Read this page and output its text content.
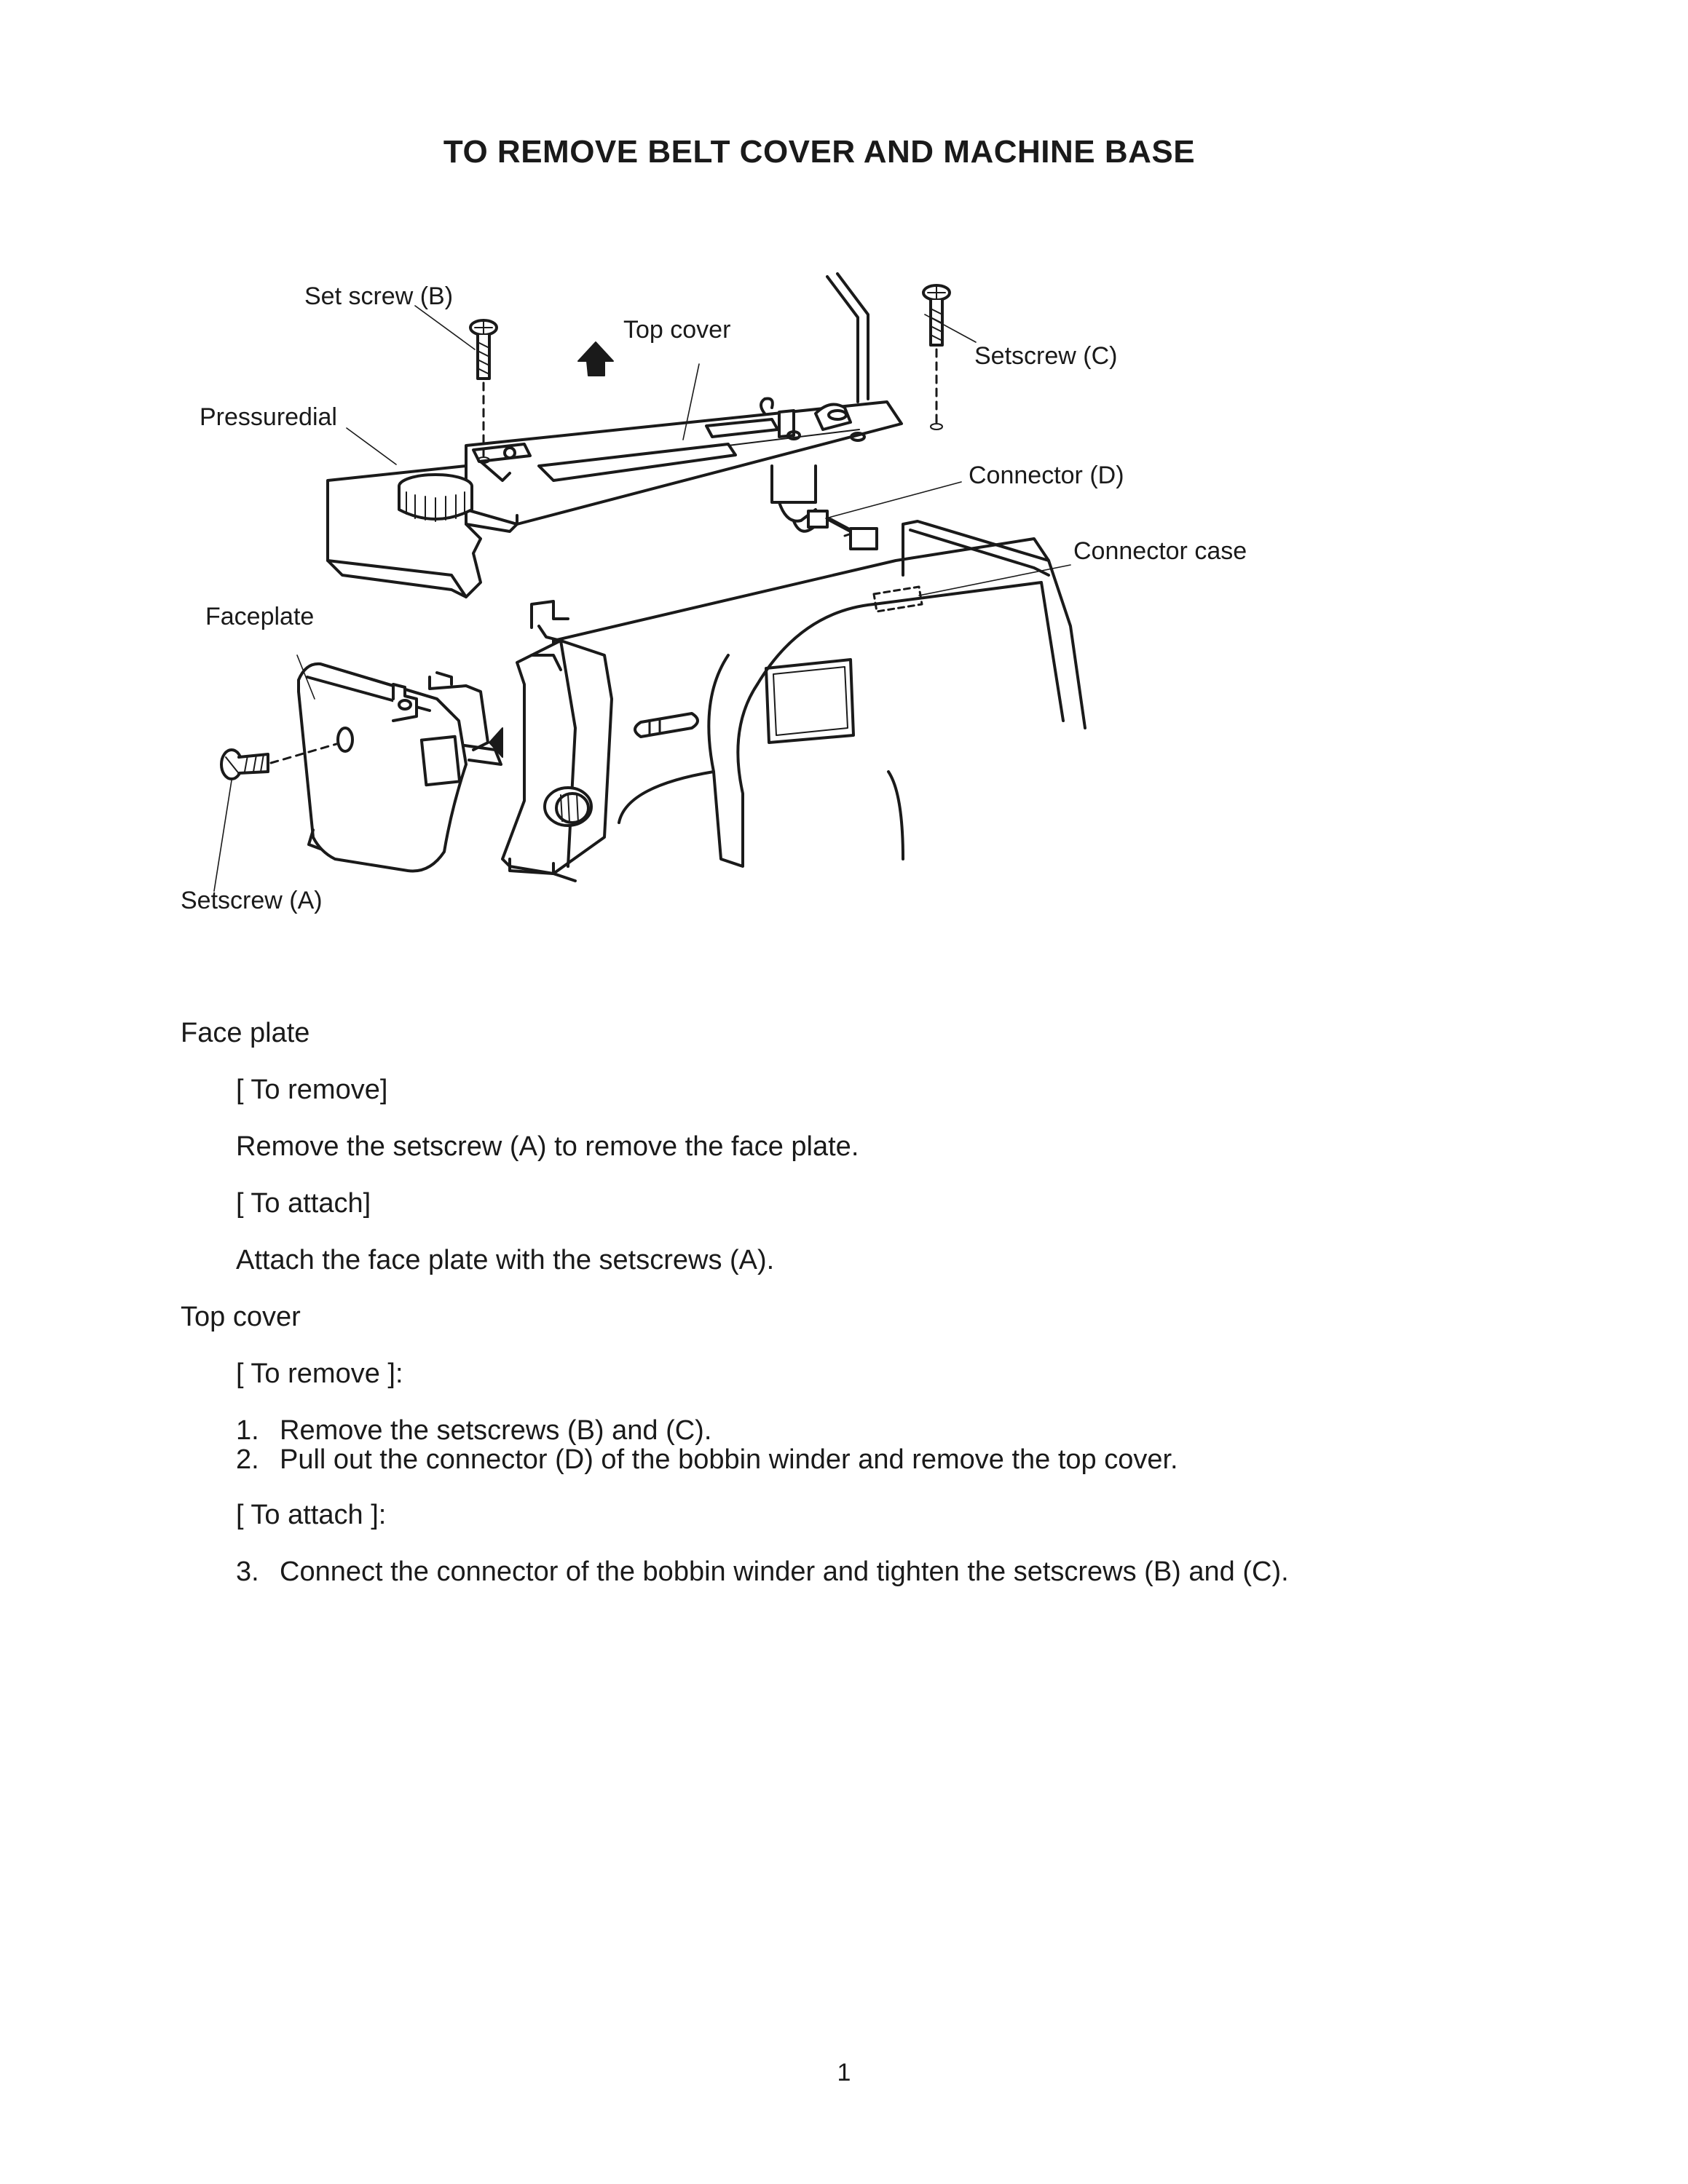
TO REMOVE BELT COVER AND MACHINE BASE
Set screw (B)
Top cover
Setscrew (C)
Pressuredial
Connector (D)
Connector case
Faceplate
Setscrew (A)
Face plate
[ To remove]
Remove the setscrew (A) to remove the face plate.
[ To attach]
Attach the face plate with the setscrews (A).
Top cover
[ To remove ]:
1. Remove the setscrews (B) and (C).
2. Pull out the connector (D) of the bobbin winder and remove the top cover.
[ To attach ]:
3. Connect the connector of the bobbin winder and tighten the setscrews (B) and (C).
1
